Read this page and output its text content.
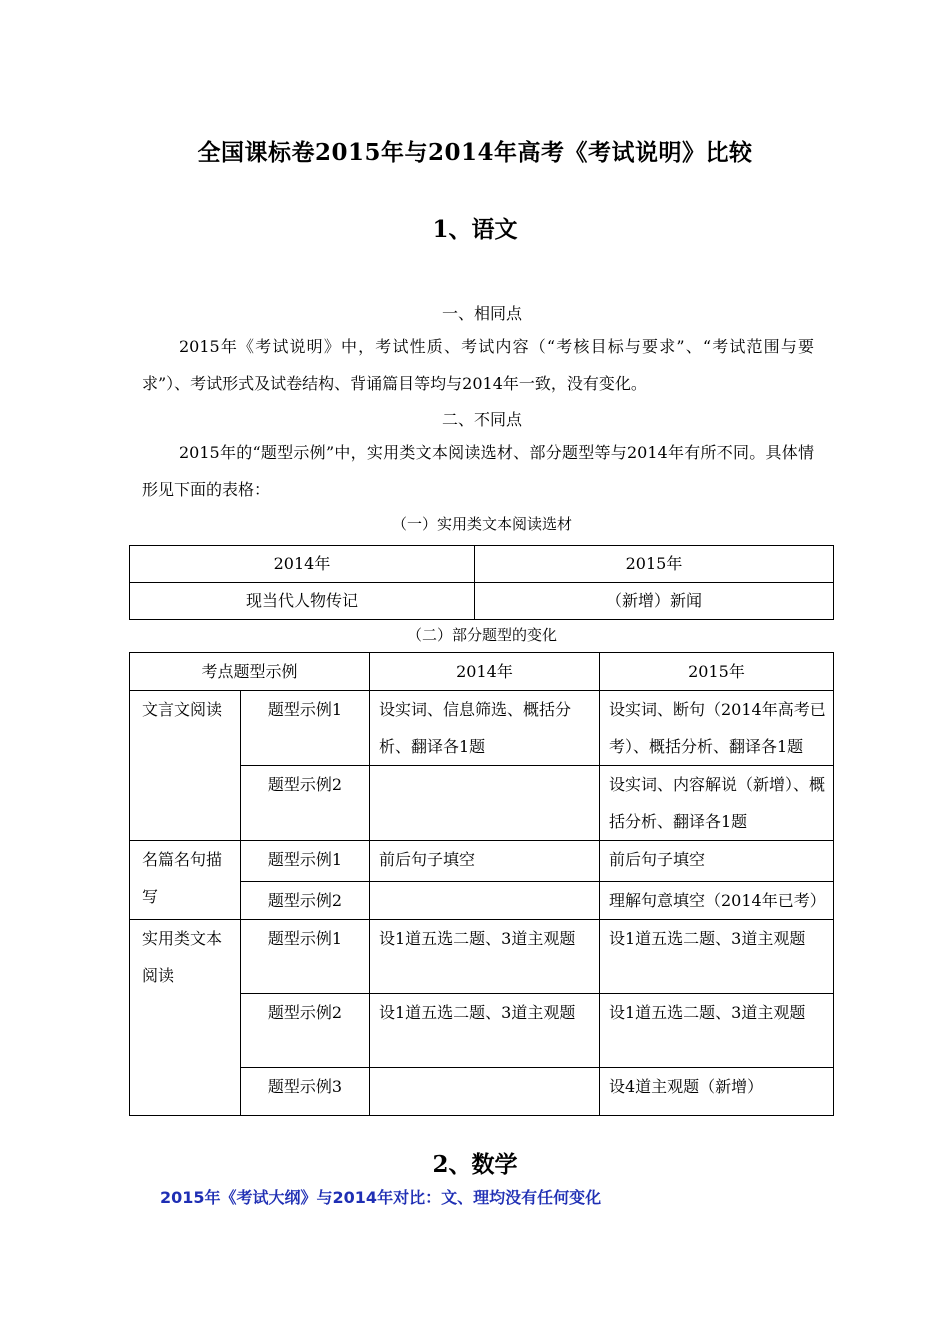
全国课标卷2015年与2014年高考《考试说明》比较
1、语文
一、相同点
2015年《考试说明》中，考试性质、考试内容（“考核目标与要求”、“考试范围与要求”）、考试形式及试卷结构、背诵篇目等均与2014年一致，没有变化。
二、不同点
2015年的“题型示例”中，实用类文本阅读选材、部分题型等与2014年有所不同。具体情形见下面的表格：
（一）实用类文本阅读选材
2014年	2015年
现当代人物传记	（新增）新闻
（二）部分题型的变化
考点题型示例		2014年	2015年
文言文阅读	题型示例1	设实词、信息筛选、概括分析、翻译各1题	设实词、断句（2014年高考已考）、概括分析、翻译各1题
	题型示例2		设实词、内容解说（新增）、概括分析、翻译各1题
名篇名句描写	题型示例1	前后句子填空	前后句子填空
	题型示例2		理解句意填空（2014年已考）
实用类文本阅读	题型示例1	设1道五选二题、3道主观题	设1道五选二题、3道主观题
	题型示例2	设1道五选二题、3道主观题	设1道五选二题、3道主观题
	题型示例3		设4道主观题（新增）
2、数学
2015年《考试大纲》与2014年对比：文、理均没有任何变化
